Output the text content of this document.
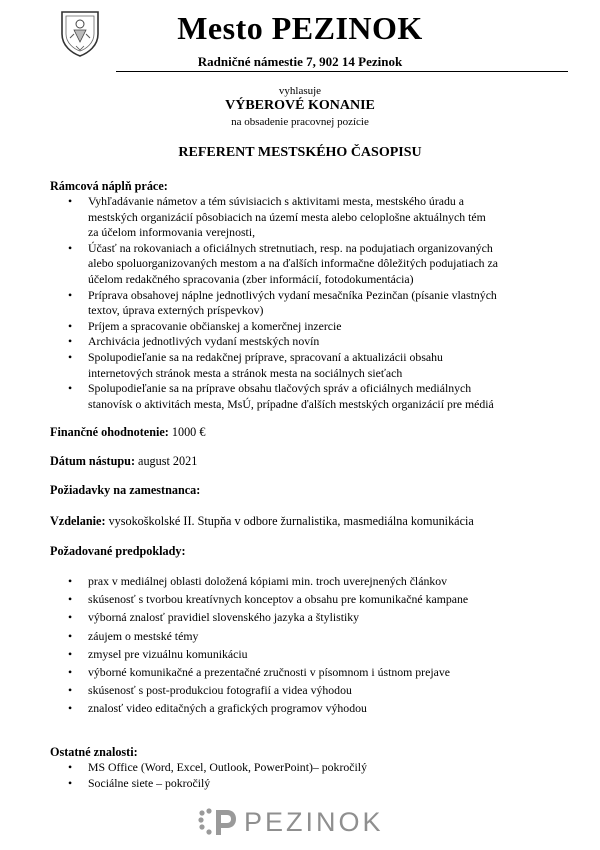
Mesto PEZINOK
Radničné námestie 7, 902 14 Pezinok
vyhlasuje
VÝBEROVÉ KONANIE
na obsadenie pracovnej pozície
REFERENT MESTSKÉHO ČASOPISU
Rámcová náplň práce:
• Vyhľadávanie námetov a tém súvisiacich s aktivitami mesta, mestského úradu a
mestských organizácií pôsobiacich na území mesta alebo celoplošne aktuálnych tém
za účelom informovania verejnosti,
• Účasť na rokovaniach a oficiálnych stretnutiach, resp. na podujatiach organizovaných
alebo spoluorganizovaných mestom a na ďalších informačne dôležitých podujatiach za
účelom redakčného spracovania (zber informácií, fotodokumentácia)
• Príprava obsahovej náplne jednotlivých vydaní mesačníka Pezinčan (písanie vlastných
textov, úprava externých príspevkov)
• Príjem a spracovanie občianskej a komerčnej inzercie
• Archivácia jednotlivých vydaní mestských novín
• Spolupodieľanie sa na redakčnej príprave, spracovaní a aktualizácii obsahu
internetových stránok mesta a stránok mesta na sociálnych sieťach
• Spolupodieľanie sa na príprave obsahu tlačových správ a oficiálnych mediálnych
stanovísk o aktivitách mesta, MsÚ, prípadne ďalších mestských organizácií pre médiá
Finančné ohodnotenie: 1000 €
Dátum nástupu: august 2021
Požiadavky na zamestnanca:
Vzdelanie: vysokoškolské II. Stupňa v odbore žurnalistika, masmediálna komunikácia
Požadované predpoklady:
• prax v mediálnej oblasti doložená kópiami min. troch uverejnených článkov
• skúsenosť s tvorbou kreatívnych konceptov a obsahu pre komunikačné kampane
• výborná znalosť pravidiel slovenského jazyka a štylistiky
• záujem o mestské témy
• zmysel pre vizuálnu komunikáciu
• výborné komunikačné a prezentačné zručnosti v písomnom i ústnom prejave
• skúsenosť s post-produkciou fotografií a videa výhodou
• znalosť video editačných a grafických programov výhodou
Ostatné znalosti:
• MS Office (Word, Excel, Outlook, PowerPoint)– pokročilý
• Sociálne siete – pokročilý
PEZINOK
